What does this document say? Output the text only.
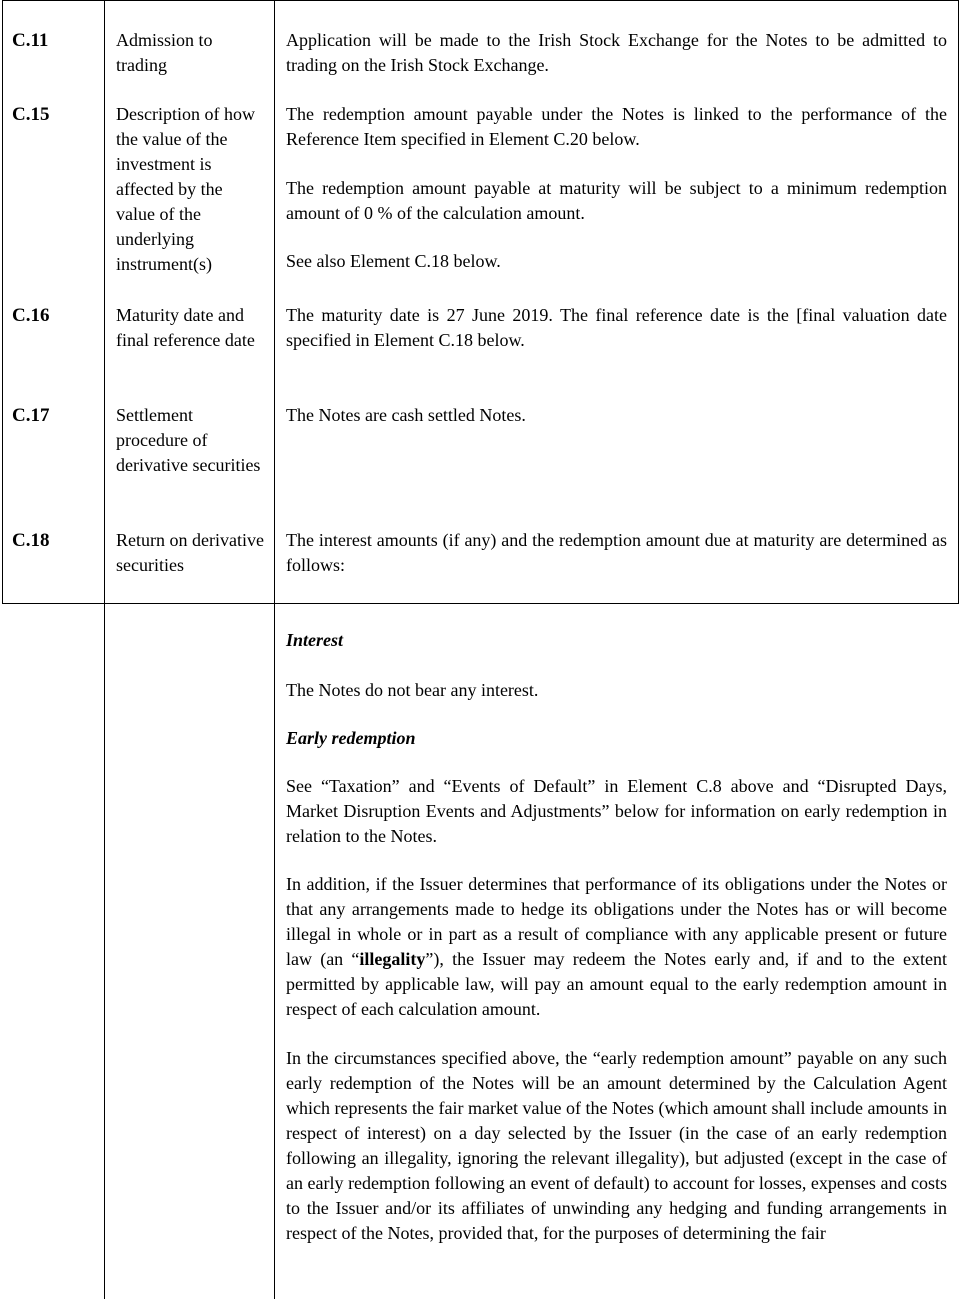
C.11	Admission to trading

Application will be made to the Irish Stock Exchange for the Notes to be admitted to trading on the Irish Stock Exchange.

C.15	Description of how the value of the investment is affected by the value of the underlying instrument(s)

The redemption amount payable under the Notes is linked to the performance of the Reference Item specified in Element C.20 below.

The redemption amount payable at maturity will be subject to a minimum redemption amount of 0 % of the calculation amount.

See also Element C.18 below.

C.16	Maturity date and final reference date

The maturity date is 27 June 2019. The final reference date is the [final valuation date specified in Element C.18 below.

C.17	Settlement procedure of derivative securities

The Notes are cash settled Notes.

C.18	Return on derivative securities

The interest amounts (if any) and the redemption amount due at maturity are determined as follows:

Interest

The Notes do not bear any interest.

Early redemption

See “Taxation” and “Events of Default” in Element C.8 above and “Disrupted Days, Market Disruption Events and Adjustments” below for information on early redemption in relation to the Notes.

In addition, if the Issuer determines that performance of its obligations under the Notes or that any arrangements made to hedge its obligations under the Notes has or will become illegal in whole or in part as a result of compliance with any applicable present or future law (an “illegality”), the Issuer may redeem the Notes early and, if and to the extent permitted by applicable law, will pay an amount equal to the early redemption amount in respect of each calculation amount.

In the circumstances specified above, the “early redemption amount” payable on any such early redemption of the Notes will be an amount determined by the Calculation Agent which represents the fair market value of the Notes (which amount shall include amounts in respect of interest) on a day selected by the Issuer (in the case of an early redemption following an illegality, ignoring the relevant illegality), but adjusted (except in the case of an early redemption following an event of default) to account for losses, expenses and costs to the Issuer and/or its affiliates of unwinding any hedging and funding arrangements in respect of the Notes, provided that, for the purposes of determining the fair
